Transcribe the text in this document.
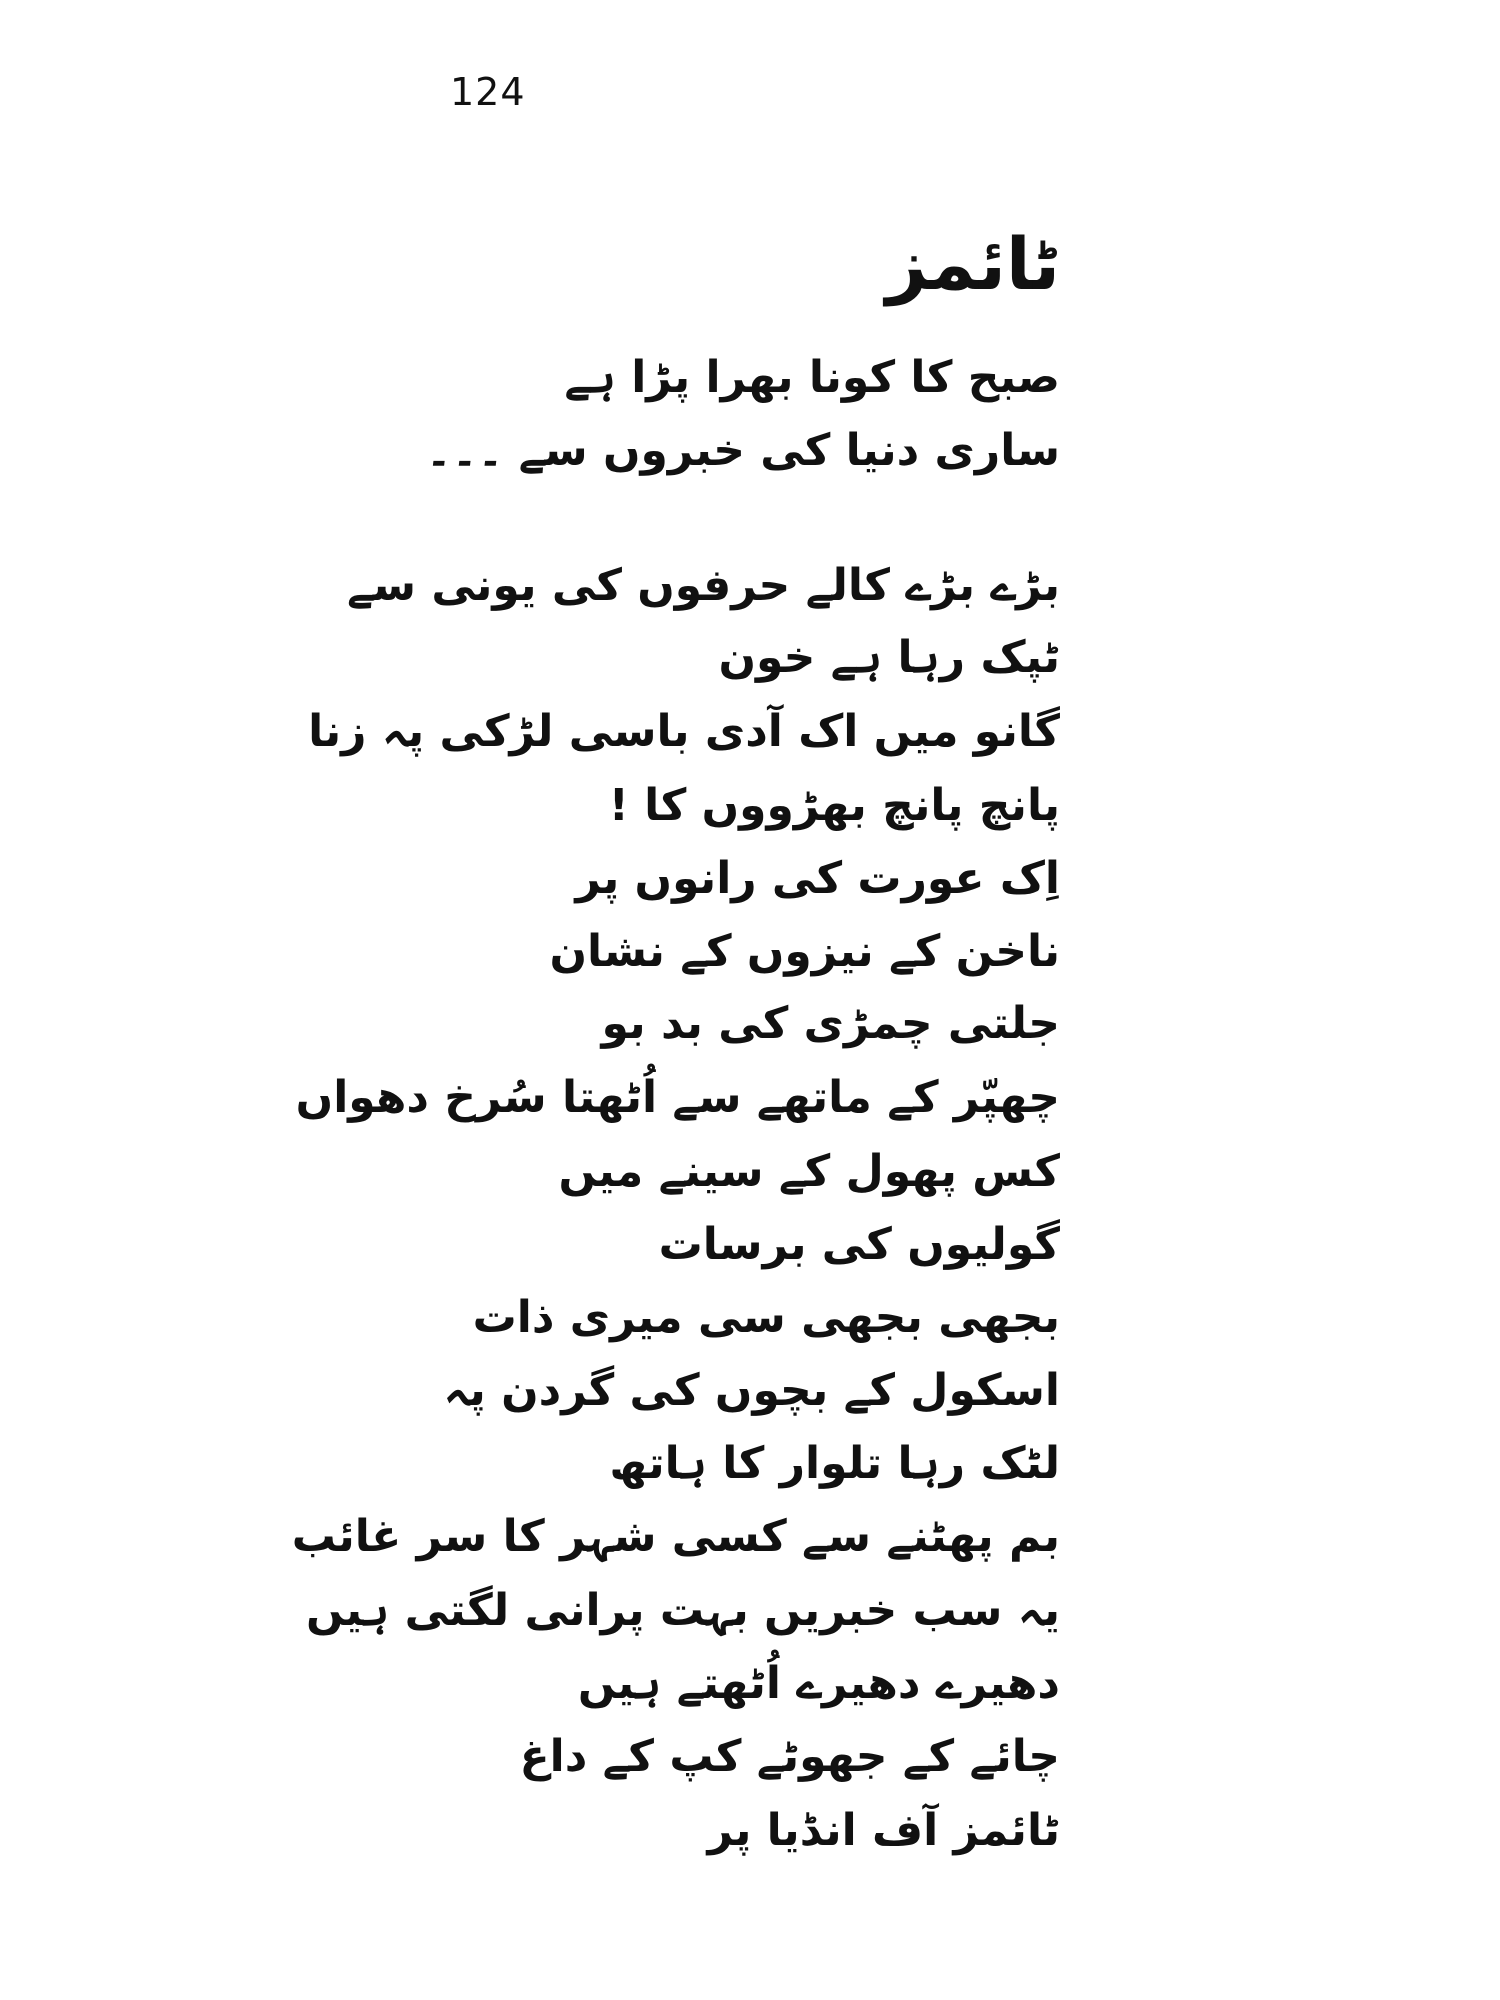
124
ٹائمز
صبح کا کونا بھرا پڑا ہے
ساری دنیا کی خبروں سے ۔۔۔
بڑے بڑے کالے حرفوں کی یونی سے
ٹپک رہا ہے خون
گانو میں اک آدی باسی لڑکی پہ زنا
پانچ پانچ بھڑووں کا !
اِک عورت کی رانوں پر
ناخن کے نیزوں کے نشان
جلتی چمڑی کی بد بو
چھپّر کے ماتھے سے اُٹھتا سُرخ دھواں
کس پھول کے سینے میں
گولیوں کی برسات
بجھی بجھی سی میری ذات
اسکول کے بچوں کی گردن پہ
لٹک رہا تلوار کا ہاتھ
بم پھٹنے سے کسی شہر کا سر غائب
یہ سب خبریں بہت پرانی لگتی ہیں
دھیرے دھیرے اُٹھتے ہیں
چائے کے جھوٹے کپ کے داغ
ٹائمز آف انڈیا پر
